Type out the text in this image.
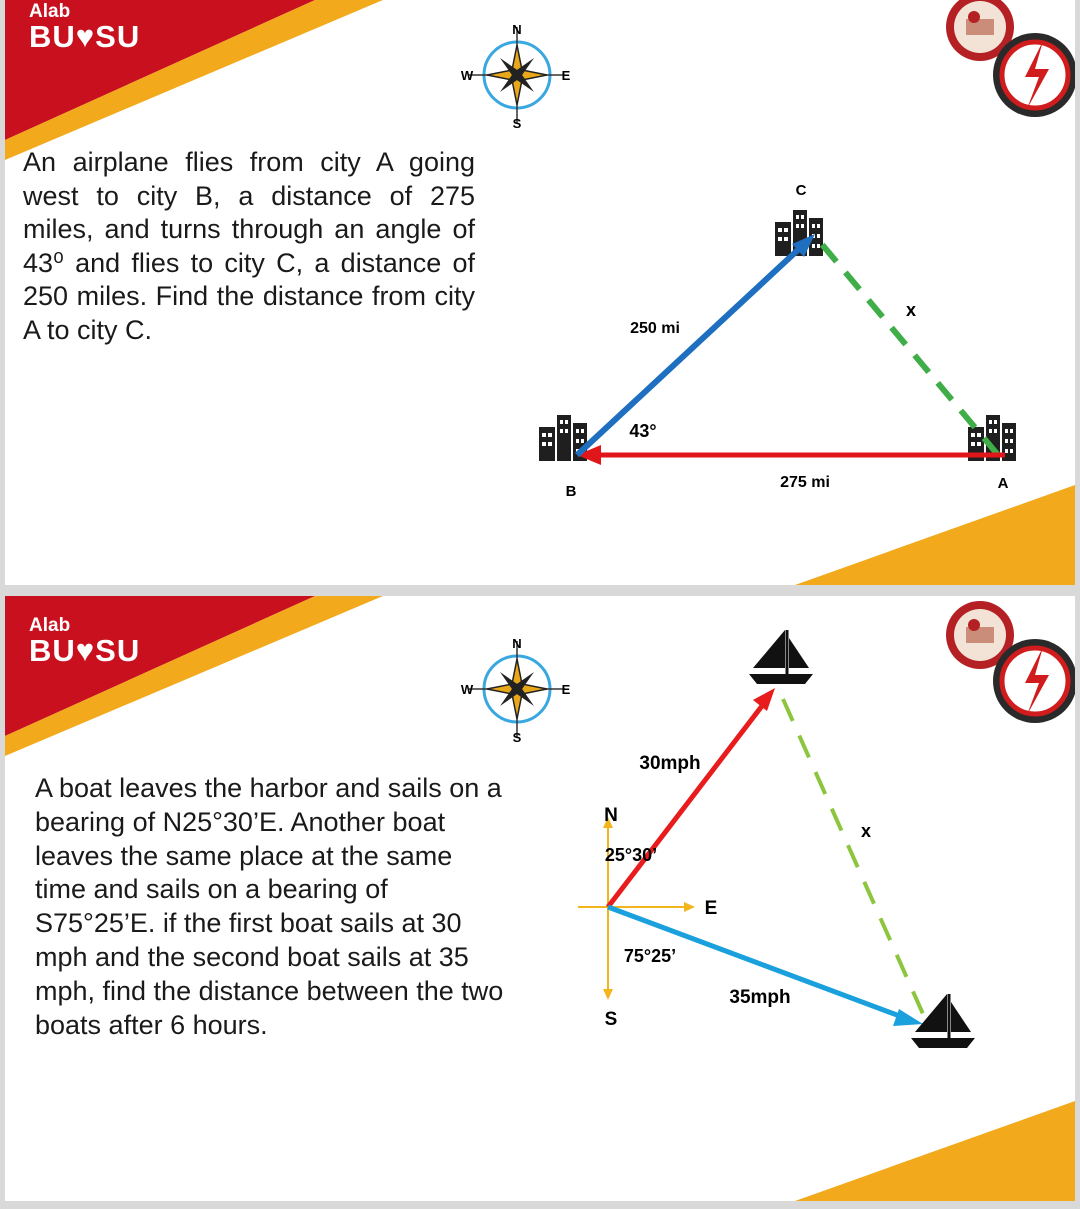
Alab
BU♥SU	N
S
W	E

An airplane flies from city A going west to city B, a distance of 275 miles, and turns through an angle of 43⁰ and flies to city C, a distance of 250 miles. Find the distance from city A to city C.

C
B	A
x
250 mi
275 mi
43°
Alab
BU♥SU	N
S
W	E

A boat leaves the harbor and sails on a bearing of N25°30’E. Another boat leaves the same place at the same time and sails on a bearing of S75°25’E. if the first boat sails at 30 mph and the second boat sails at 35 mph, find the distance between the two boats after 6 hours.

N
S
E
x
30mph
35mph
25°30’
75°25’
